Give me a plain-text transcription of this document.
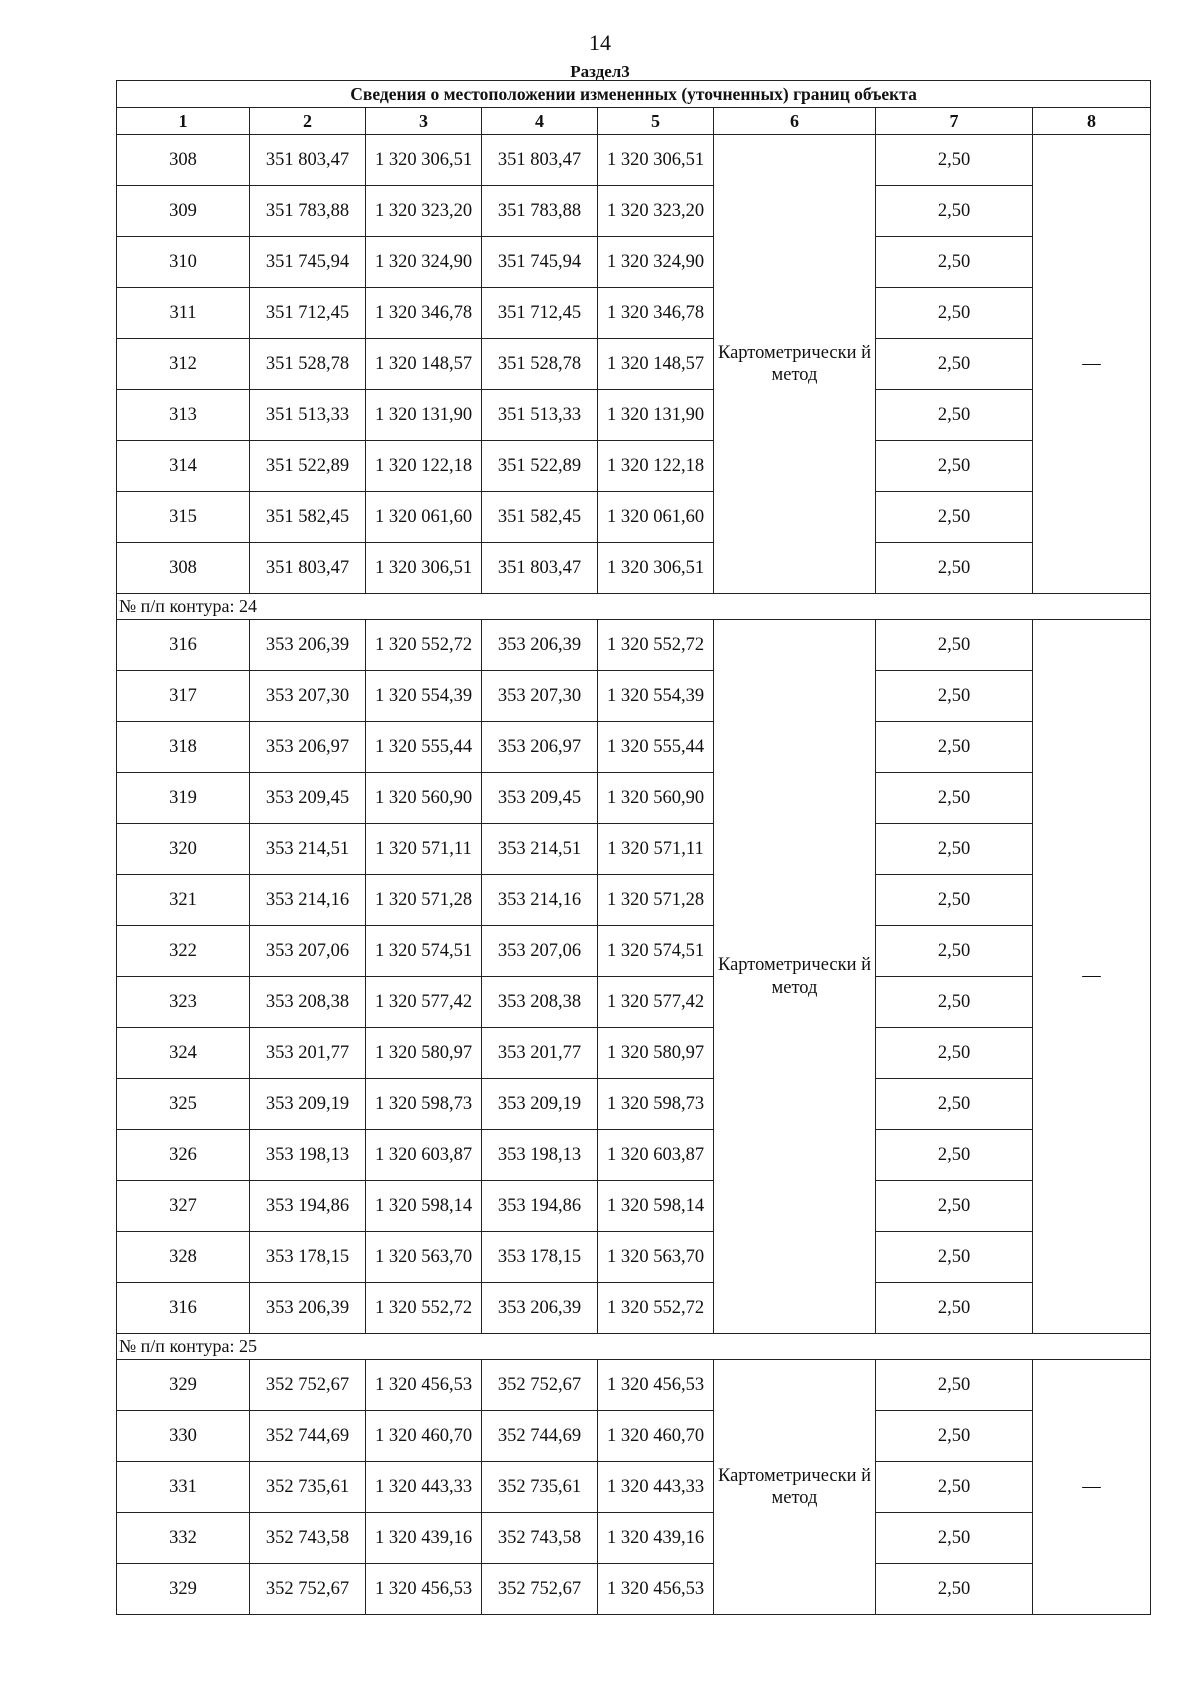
14
Раздел3
Сведения о местоположении измененных (уточненных) границ объекта							
1	2	3	4	5	6	7	8
308	351 803,47	1 320 306,51	351 803,47	1 320 306,51	Картометрически й метод	2,50	—
309	351 783,88	1 320 323,20	351 783,88	1 320 323,20		2,50	
310	351 745,94	1 320 324,90	351 745,94	1 320 324,90		2,50	
311	351 712,45	1 320 346,78	351 712,45	1 320 346,78		2,50	
312	351 528,78	1 320 148,57	351 528,78	1 320 148,57		2,50	
313	351 513,33	1 320 131,90	351 513,33	1 320 131,90		2,50	
314	351 522,89	1 320 122,18	351 522,89	1 320 122,18		2,50	
315	351 582,45	1 320 061,60	351 582,45	1 320 061,60		2,50	
308	351 803,47	1 320 306,51	351 803,47	1 320 306,51		2,50	
№ п/п контура: 24							
316	353 206,39	1 320 552,72	353 206,39	1 320 552,72	Картометрически й метод	2,50	—
317	353 207,30	1 320 554,39	353 207,30	1 320 554,39		2,50	
318	353 206,97	1 320 555,44	353 206,97	1 320 555,44		2,50	
319	353 209,45	1 320 560,90	353 209,45	1 320 560,90		2,50	
320	353 214,51	1 320 571,11	353 214,51	1 320 571,11		2,50	
321	353 214,16	1 320 571,28	353 214,16	1 320 571,28		2,50	
322	353 207,06	1 320 574,51	353 207,06	1 320 574,51		2,50	
323	353 208,38	1 320 577,42	353 208,38	1 320 577,42		2,50	
324	353 201,77	1 320 580,97	353 201,77	1 320 580,97		2,50	
325	353 209,19	1 320 598,73	353 209,19	1 320 598,73		2,50	
326	353 198,13	1 320 603,87	353 198,13	1 320 603,87		2,50	
327	353 194,86	1 320 598,14	353 194,86	1 320 598,14		2,50	
328	353 178,15	1 320 563,70	353 178,15	1 320 563,70		2,50	
316	353 206,39	1 320 552,72	353 206,39	1 320 552,72		2,50	
№ п/п контура: 25							
329	352 752,67	1 320 456,53	352 752,67	1 320 456,53	Картометрически й метод	2,50	—
330	352 744,69	1 320 460,70	352 744,69	1 320 460,70		2,50	
331	352 735,61	1 320 443,33	352 735,61	1 320 443,33		2,50	
332	352 743,58	1 320 439,16	352 743,58	1 320 439,16		2,50	
329	352 752,67	1 320 456,53	352 752,67	1 320 456,53		2,50	
